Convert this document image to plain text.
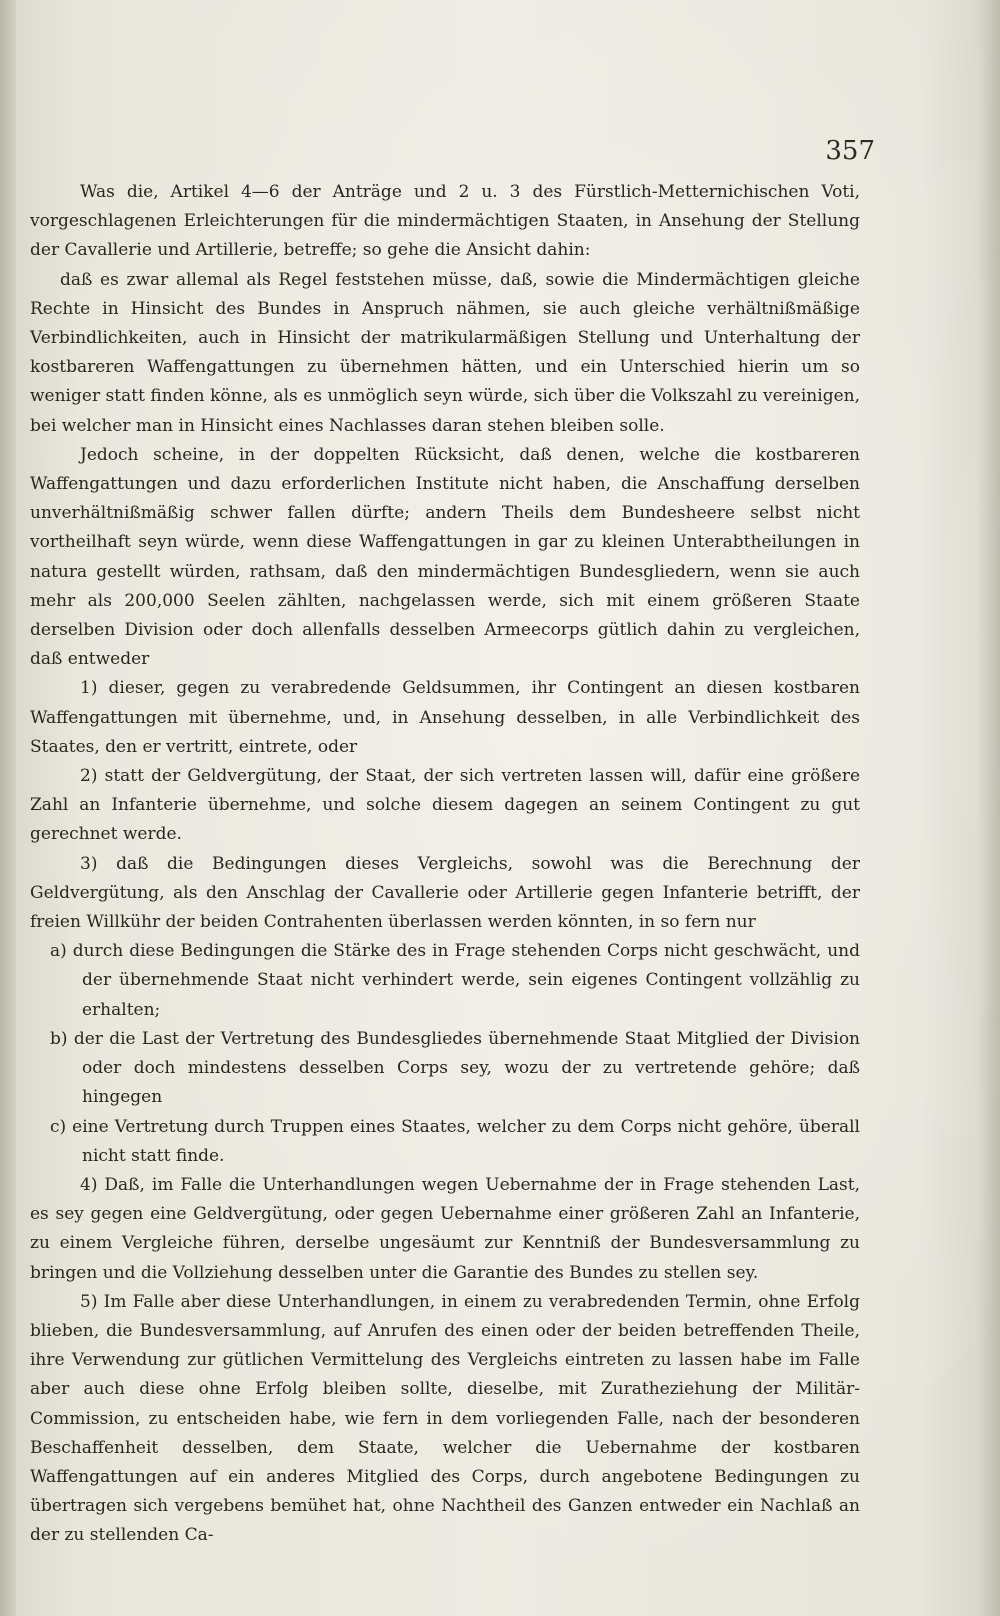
357

Was die, Artikel 4—6 der Anträge und 2 u. 3 des Fürstlich-Metternichischen Voti, vorgeschlagenen Erleichterungen für die mindermächtigen Staaten, in Ansehung der Stellung der Cavallerie und Artillerie, betreffe; so gehe die Ansicht dahin:

daß es zwar allemal als Regel feststehen müsse, daß, sowie die Mindermächtigen gleiche Rechte in Hinsicht des Bundes in Anspruch nähmen, sie auch gleiche verhältnißmäßige Verbindlichkeiten, auch in Hinsicht der matrikularmäßigen Stellung und Unterhaltung der kostbareren Waffengattungen zu übernehmen hätten, und ein Unterschied hierin um so weniger statt finden könne, als es unmöglich seyn würde, sich über die Volkszahl zu vereinigen, bei welcher man in Hinsicht eines Nachlasses daran stehen bleiben solle.

Jedoch scheine, in der doppelten Rücksicht, daß denen, welche die kostbareren Waffengattungen und dazu erforderlichen Institute nicht haben, die Anschaffung derselben unverhältnißmäßig schwer fallen dürfte; andern Theils dem Bundesheere selbst nicht vortheilhaft seyn würde, wenn diese Waffengattungen in gar zu kleinen Unterabtheilungen in natura gestellt würden, rathsam, daß den mindermächtigen Bundesgliedern, wenn sie auch mehr als 200,000 Seelen zählten, nachgelassen werde, sich mit einem größeren Staate derselben Division oder doch allenfalls desselben Armeecorps gütlich dahin zu vergleichen, daß entweder

1) dieser, gegen zu verabredende Geldsummen, ihr Contingent an diesen kostbaren Waffengattungen mit übernehme, und, in Ansehung desselben, in alle Verbindlichkeit des Staates, den er vertritt, eintrete, oder

2) statt der Geldvergütung, der Staat, der sich vertreten lassen will, dafür eine größere Zahl an Infanterie übernehme, und solche diesem dagegen an seinem Contingent zu gut gerechnet werde.

3) daß die Bedingungen dieses Vergleichs, sowohl was die Berechnung der Geldvergütung, als den Anschlag der Cavallerie oder Artillerie gegen Infanterie betrifft, der freien Willkühr der beiden Contrahenten überlassen werden könnten, in so fern nur

a) durch diese Bedingungen die Stärke des in Frage stehenden Corps nicht geschwächt, und der übernehmende Staat nicht verhindert werde, sein eigenes Contingent vollzählig zu erhalten;

b) der die Last der Vertretung des Bundesgliedes übernehmende Staat Mitglied der Division oder doch mindestens desselben Corps sey, wozu der zu vertretende gehöre; daß hingegen

c) eine Vertretung durch Truppen eines Staates, welcher zu dem Corps nicht gehöre, überall nicht statt finde.

4) Daß, im Falle die Unterhandlungen wegen Uebernahme der in Frage stehenden Last, es sey gegen eine Geldvergütung, oder gegen Uebernahme einer größeren Zahl an Infanterie, zu einem Vergleiche führen, derselbe ungesäumt zur Kenntniß der Bundesversammlung zu bringen und die Vollziehung desselben unter die Garantie des Bundes zu stellen sey.

5) Im Falle aber diese Unterhandlungen, in einem zu verabredenden Termin, ohne Erfolg blieben, die Bundesversammlung, auf Anrufen des einen oder der beiden betreffenden Theile, ihre Verwendung zur gütlichen Vermittelung des Vergleichs eintreten zu lassen habe im Falle aber auch diese ohne Erfolg bleiben sollte, dieselbe, mit Zuratheziehung der Militär-Commission, zu entscheiden habe, wie fern in dem vorliegenden Falle, nach der besonderen Beschaffenheit desselben, dem Staate, welcher die Uebernahme der kostbaren Waffengattungen auf ein anderes Mitglied des Corps, durch angebotene Bedingungen zu übertragen sich vergebens bemühet hat, ohne Nachtheil des Ganzen entweder ein Nachlaß an der zu stellenden Ca-
